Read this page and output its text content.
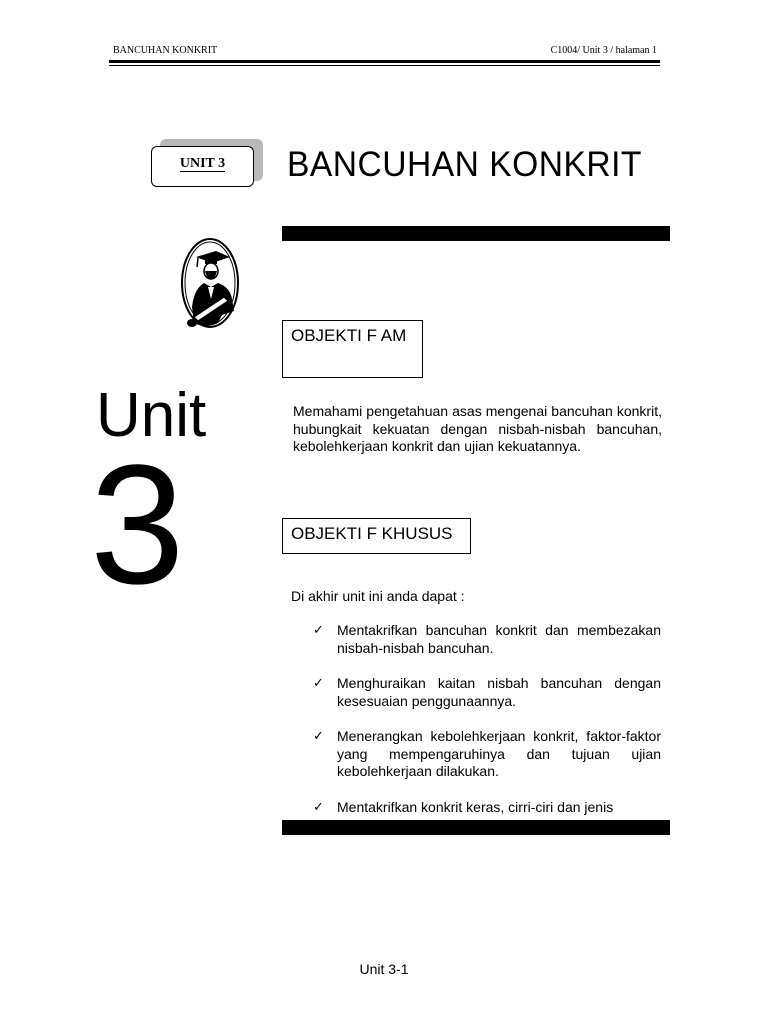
BANCUHAN KONKRIT	C1004/ Unit 3 / halaman 1
UNIT 3	BANCUHAN KONKRIT
Unit
3
OBJEKTI F AM
Memahami pengetahuan asas mengenai bancuhan konkrit, hubungkait kekuatan dengan nisbah-nisbah bancuhan, kebolehkerjaan konkrit dan ujian kekuatannya.
OBJEKTI F KHUSUS
Di akhir unit ini anda dapat :
✓ Mentakrifkan bancuhan konkrit dan membezakan nisbah-nisbah bancuhan.
✓ Menghuraikan kaitan nisbah bancuhan dengan kesesuaian penggunaannya.
✓ Menerangkan kebolehkerjaan konkrit, faktor-faktor yang mempengaruhinya dan tujuan ujian kebolehkerjaan dilakukan.
✓ Mentakrifkan konkrit keras, cirri-ciri dan jenis
Unit 3-1
